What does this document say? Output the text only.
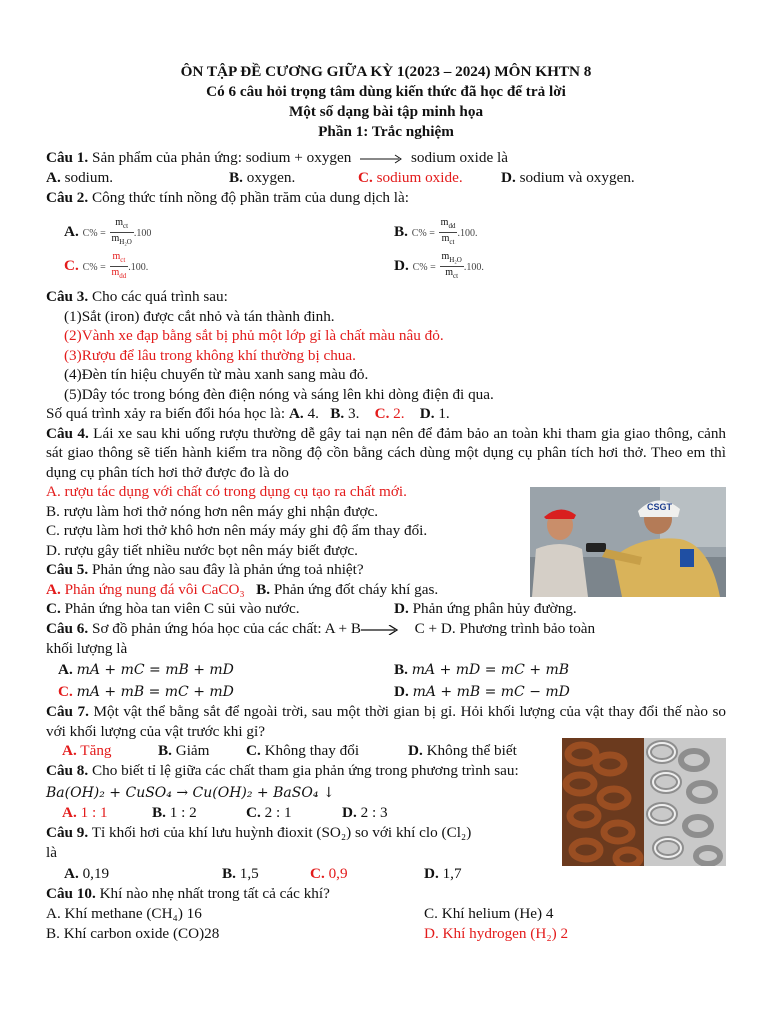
ÔN TẬP ĐỀ CƯƠNG GIỮA KỲ 1(2023 – 2024) MÔN KHTN 8
Có 6 câu hỏi trọng tâm dùng kiến thức đã học để trả lời
Một số dạng bài tập minh họa
Phần 1: Trắc nghiệm
Câu 1. Sản phẩm của phản ứng: sodium + oxygen → sodium oxide là
A. sodium.	B. oxygen.	C. sodium oxide.	D. sodium và oxygen.
Câu 2. Công thức tính nồng độ phần trăm của dung dịch là:
A. $C\% = \frac{m_{ct}}{m_{H_2O}} .100$	B. $C\% = \frac{m_{dd}}{m_{ct}} .100$.
C. $C\% = \frac{m_{ct}}{m_{dd}} .100$.	D. $C\% = \frac{m_{H_2O}}{m_{ct}} .100$.
Câu 3. Cho các quá trình sau:
(1)Sắt (iron) được cắt nhỏ và tán thành đinh.
(2)Vành xe đạp bằng sắt bị phủ một lớp gỉ là chất màu nâu đỏ.
(3)Rượu để lâu trong không khí thường bị chua.
(4)Đèn tín hiệu chuyển từ màu xanh sang màu đỏ.
(5)Dây tóc trong bóng đèn điện nóng và sáng lên khi dòng điện đi qua.
Số quá trình xảy ra biến đổi hóa học là: A. 4. B. 3. C. 2. D. 1.
Câu 4. Lái xe sau khi uống rượu thường dễ gây tai nạn nên để đảm bảo an toàn khi tham gia giao thông, cảnh sát giao thông sẽ tiến hành kiểm tra nồng độ cồn bằng cách dùng một dụng cụ phân tích hơi thở. Theo em thì dụng cụ phân tích hơi thở được đo là do
A. rượu tác dụng với chất có trong dụng cụ tạo ra chất mới.
B. rượu làm hơi thở nóng hơn nên máy ghi nhận được.
C. rượu làm hơi thở khô hơn nên máy máy ghi độ ẩm thay đổi.
D. rượu gây tiết nhiều nước bọt nên máy biết được.
Câu 5. Phản ứng nào sau đây là phản ứng toả nhiệt?
A. Phản ứng nung đá vôi CaCO₃ B. Phản ứng đốt cháy khí gas.
C. Phản ứng hòa tan viên C sủi vào nước.	D. Phản ứng phân hủy đường.
Câu 6. Sơ đồ phản ứng hóa học của các chất: A + B→ C + D. Phương trình bảo toàn
khối lượng là
A. mA + mC = mB + mD	B. mA + mD = mC + mB
C. mA + mB = mC + mD	D. mA + mB = mC − mD
Câu 7. Một vật thể bằng sắt để ngoài trời, sau một thời gian bị gỉ. Hỏi khối lượng của vật thay đổi thế nào so với khối lượng của vật trước khi gỉ?
A. Tăng	B. Giảm C. Không thay đổi	D. Không thể biết
Câu 8. Cho biết tỉ lệ giữa các chất tham gia phản ứng trong phương trình sau:
Ba(OH)₂ + CuSO₄ → Cu(OH)₂ + BaSO₄ ↓
A. 1 : 1	B. 1 : 2	C. 2 : 1	D. 2 : 3
Câu 9. Tỉ khối hơi của khí lưu huỳnh đioxit (SO₂) so với khí clo (Cl₂)
là
A. 0,19	B. 1,5	C. 0,9	D. 1,7
Câu 10. Khí nào nhẹ nhất trong tất cả các khí?
A. Khí methane (CH₄) 16	C. Khí helium (He) 4
B. Khí carbon oxide (CO)28	D. Khí hydrogen (H₂) 2
CSGT
